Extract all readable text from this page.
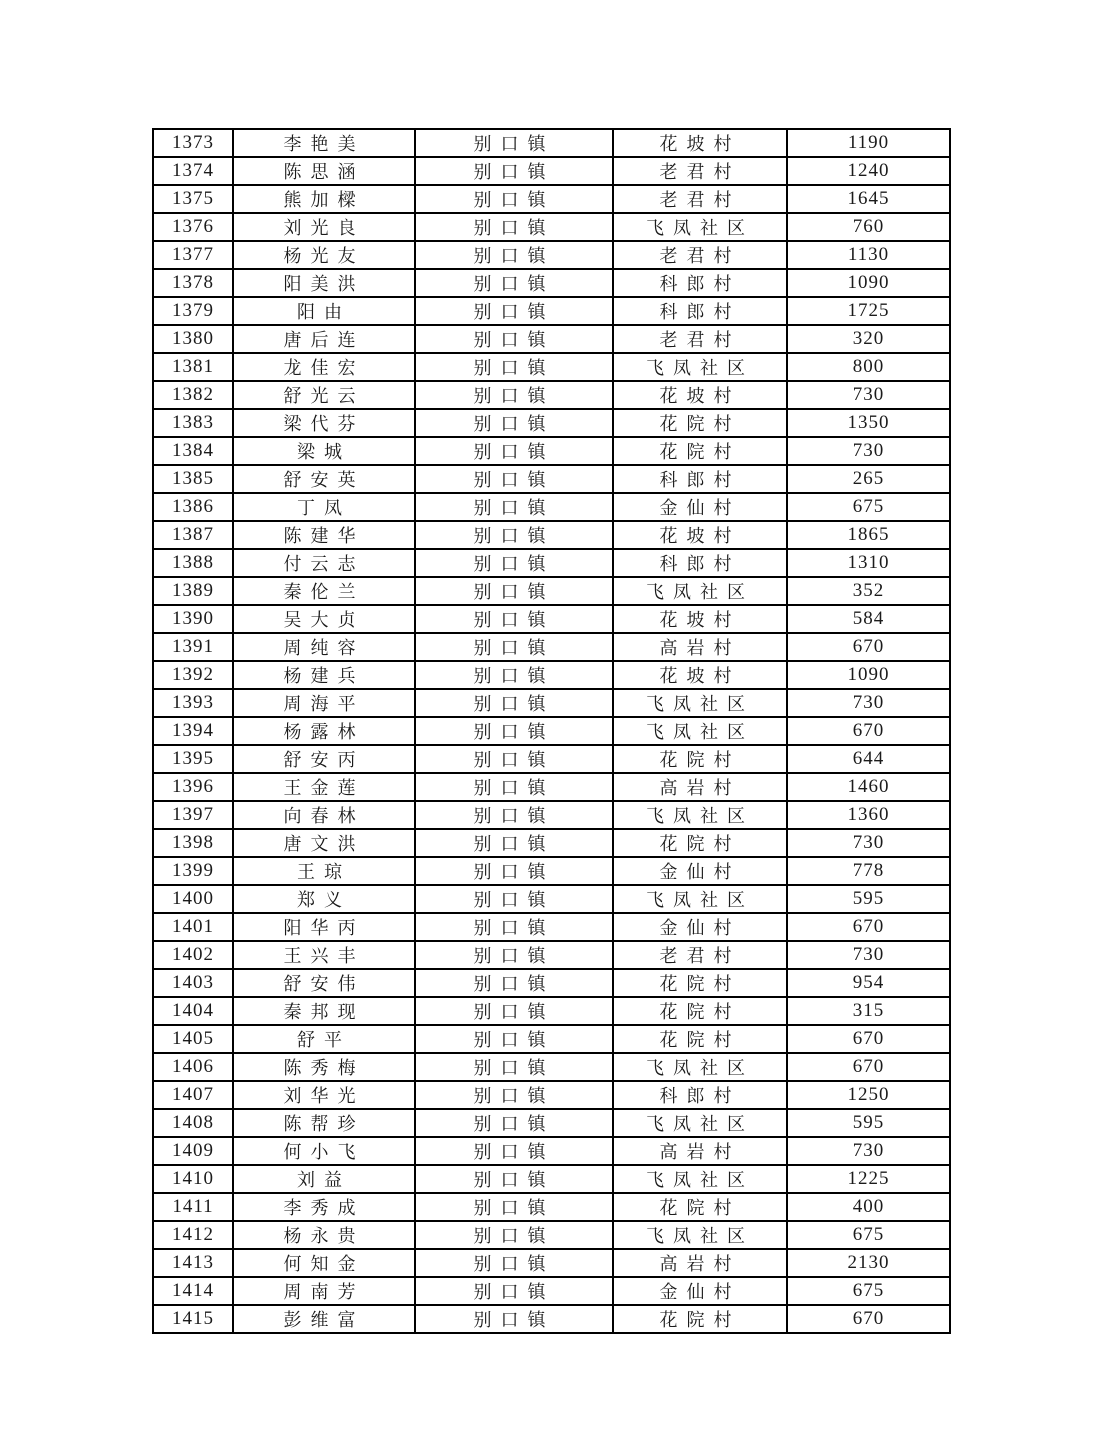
1373	李艳美	别口镇	花坡村	1190
1374	陈思涵	别口镇	老君村	1240
1375	熊加樑	别口镇	老君村	1645
1376	刘光良	别口镇	飞凤社区	760
1377	杨光友	别口镇	老君村	1130
1378	阳美洪	别口镇	科郎村	1090
1379	阳由	别口镇	科郎村	1725
1380	唐后连	别口镇	老君村	320
1381	龙佳宏	别口镇	飞凤社区	800
1382	舒光云	别口镇	花坡村	730
1383	梁代芬	别口镇	花院村	1350
1384	梁城	别口镇	花院村	730
1385	舒安英	别口镇	科郎村	265
1386	丁凤	别口镇	金仙村	675
1387	陈建华	别口镇	花坡村	1865
1388	付云志	别口镇	科郎村	1310
1389	秦伦兰	别口镇	飞凤社区	352
1390	吴大贞	别口镇	花坡村	584
1391	周纯容	别口镇	高岩村	670
1392	杨建兵	别口镇	花坡村	1090
1393	周海平	别口镇	飞凤社区	730
1394	杨露林	别口镇	飞凤社区	670
1395	舒安丙	别口镇	花院村	644
1396	王金莲	别口镇	高岩村	1460
1397	向春林	别口镇	飞凤社区	1360
1398	唐文洪	别口镇	花院村	730
1399	王琼	别口镇	金仙村	778
1400	郑义	别口镇	飞凤社区	595
1401	阳华丙	别口镇	金仙村	670
1402	王兴丰	别口镇	老君村	730
1403	舒安伟	别口镇	花院村	954
1404	秦邦现	别口镇	花院村	315
1405	舒平	别口镇	花院村	670
1406	陈秀梅	别口镇	飞凤社区	670
1407	刘华光	别口镇	科郎村	1250
1408	陈帮珍	别口镇	飞凤社区	595
1409	何小飞	别口镇	高岩村	730
1410	刘益	别口镇	飞凤社区	1225
1411	李秀成	别口镇	花院村	400
1412	杨永贵	别口镇	飞凤社区	675
1413	何知金	别口镇	高岩村	2130
1414	周南芳	别口镇	金仙村	675
1415	彭维富	别口镇	花院村	670
